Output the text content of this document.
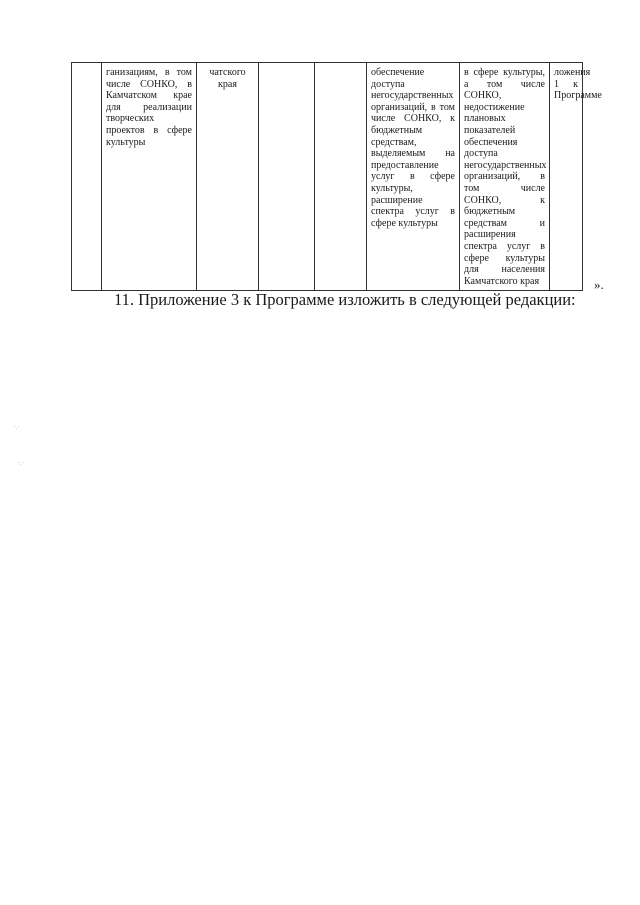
	ганизациям, в том числе СОНКО, в Камчатском крае для реализации творческих проектов в сфере культуры	чатского края			обеспечение доступа негосударственных организаций, в том числе СОНКО, к бюджетным средствам, выделяемым на предоставление услуг в сфере культуры, расширение спектра услуг в сфере культуры	в сфере культуры, а том числе СОНКО, недостижение плановых показателей обеспечения доступа негосударственных организаций, в том числе СОНКО, к бюджетным средствам и расширения спектра услуг в сфере культуры для населения Камчатского края	ложения 1 к Программе
».
11. Приложение 3 к Программе изложить в следующей редакции:
·.·
·.·
